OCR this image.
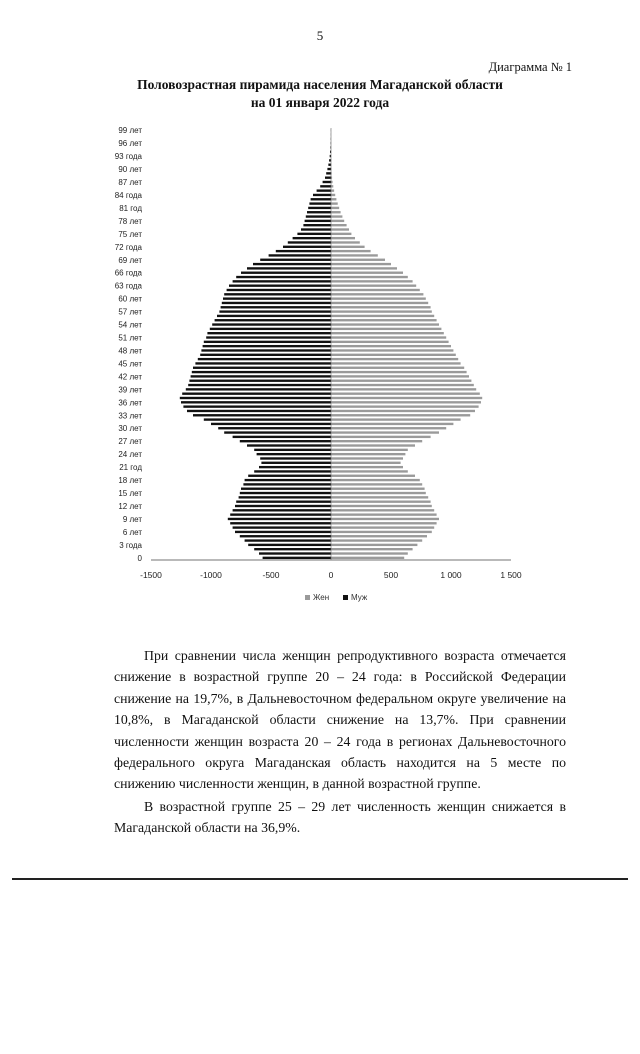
5
Диаграмма № 1
Половозрастная пирамида населения Магаданской области
на 01 января 2022 года
-1500	-1000	-500	0	500	1 000	1 500
0
3 года
6 лет
9 лет
12 лет
15 лет
18 лет
21 год
24 лет
27 лет
30 лет
33 лет
36 лет
39 лет
42 лет
45 лет
48 лет
51 лет
54 лет
57 лет
60 лет
63 года
66 года
69 лет
72 года
75 лет
78 лет
81 год
84 года
87 лет
90 лет
93 года
96 лет
99 лет
Жен	Муж

При сравнении числа женщин репродуктивного возраста отмечается снижение в возрастной группе 20 – 24 года: в Российской Федерации снижение на 19,7%, в Дальневосточном федеральном округе увеличение на 10,8%, в Магаданской области снижение на 13,7%. При сравнении численности женщин возраста 20 – 24 года в регионах Дальневосточного федерального округа Магаданская область находится на 5 месте по снижению численности женщин, в данной возрастной группе.

В возрастной группе 25 – 29 лет численность женщин снижается в Магаданской области на 36,9%.
